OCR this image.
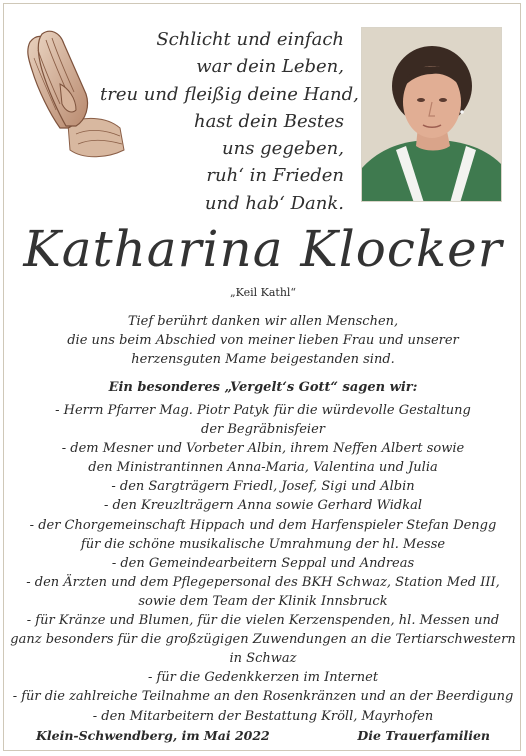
Schlicht und einfach
war dein Leben,
treu und fleißig deine Hand,
hast dein Bestes
uns gegeben,
ruh‘ in Frieden
und hab‘ Dank.
Katharina Klocker
„Keil Kathl“
Tief berührt danken wir allen Menschen,
die uns beim Abschied von meiner lieben Frau und unserer
herzensguten Mame beigestanden sind.
Ein besonderes „Vergelt‘s Gott“ sagen wir:
- Herrn Pfarrer Mag. Piotr Patyk für die würdevolle Gestaltung
der Begräbnisfeier
- dem Mesner und Vorbeter Albin, ihrem Neffen Albert sowie
den Ministrantinnen Anna-Maria, Valentina und Julia
- den Sargträgern Friedl, Josef, Sigi und Albin
- den Kreuzlträgern Anna sowie Gerhard Widkal
- der Chorgemeinschaft Hippach und dem Harfenspieler Stefan Dengg
für die schöne musikalische Umrahmung der hl. Messe
- den Gemeindearbeitern Seppal und Andreas
- den Ärzten und dem Pflegepersonal des BKH Schwaz, Station Med III,
sowie dem Team der Klinik Innsbruck
- für Kränze und Blumen, für die vielen Kerzenspenden, hl. Messen und
ganz besonders für die großzügigen Zuwendungen an die Tertiarschwestern
in Schwaz
- für die Gedenkkerzen im Internet
- für die zahlreiche Teilnahme an den Rosenkränzen und an der Beerdigung
- den Mitarbeitern der Bestattung Kröll, Mayrhofen
Klein-Schwendberg, im Mai 2022	Die Trauerfamilien
